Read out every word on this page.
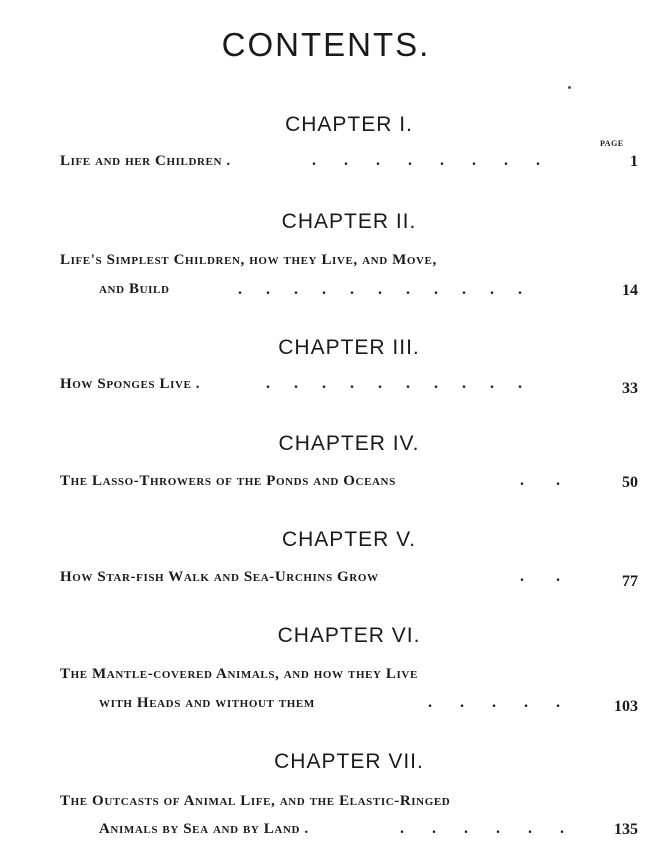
CONTENTS.
CHAPTER I.
PAGE
Life and her Children .	.       .       .       .       .       .       .       .	1
CHAPTER II.
Life's Simplest Children, how they Live, and Move,
and Build	.      .      .      .      .      .      .      .      .      .      .	14
CHAPTER III.
How Sponges Live .	.      .      .      .      .      .      .      .      .      .	33
CHAPTER IV.
The Lasso-Throwers of the Ponds and Oceans	.        .	50
CHAPTER V.
How Star-fish Walk and Sea-Urchins Grow	.        .	77
CHAPTER VI.
The Mantle-covered Animals, and how they Live
with Heads and without them	.       .       .       .       .	103
CHAPTER VII.
The Outcasts of Animal Life, and the Elastic-Ringed
Animals by Sea and by Land .	.       .       .       .       .       .	135
